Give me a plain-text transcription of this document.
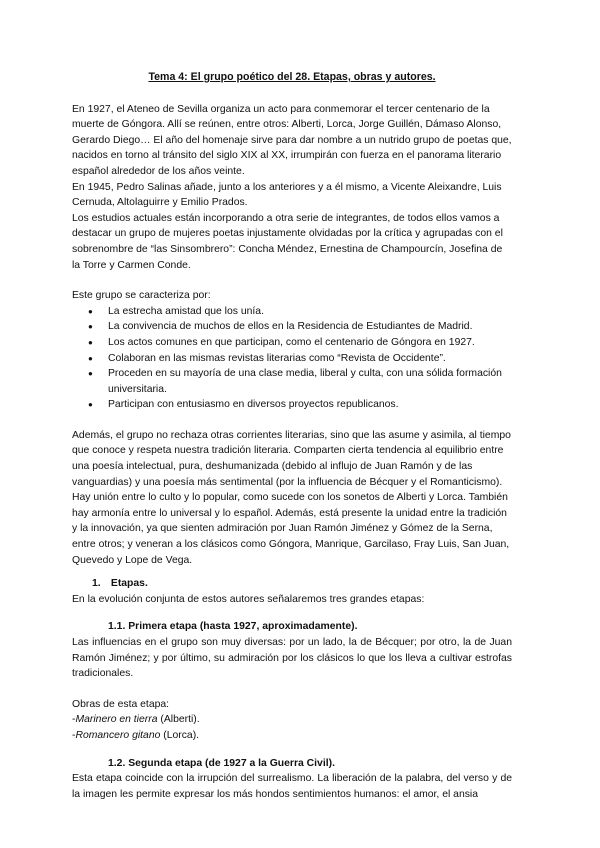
Tema 4: El grupo poético del 28. Etapas, obras y autores.

En 1927, el Ateneo de Sevilla organiza un acto para conmemorar el tercer centenario de la muerte de Góngora. Allí se reúnen, entre otros: Alberti, Lorca, Jorge Guillén, Dámaso Alonso, Gerardo Diego… El año del homenaje sirve para dar nombre a un nutrido grupo de poetas que, nacidos en torno al tránsito del siglo XIX al XX, irrumpirán con fuerza en el panorama literario español alrededor de los años veinte.

En 1945, Pedro Salinas añade, junto a los anteriores y a él mismo, a Vicente Aleixandre, Luis Cernuda, Altolaguirre y Emilio Prados.

Los estudios actuales están incorporando a otra serie de integrantes, de todos ellos vamos a destacar un grupo de mujeres poetas injustamente olvidadas por la crítica y agrupadas con el sobrenombre de “las Sinsombrero”: Concha Méndez, Ernestina de Champourcín, Josefina de la Torre y Carmen Conde.

Este grupo se caracteriza por:

● La estrecha amistad que los unía.
● La convivencia de muchos de ellos en la Residencia de Estudiantes de Madrid.
● Los actos comunes en que participan, como el centenario de Góngora en 1927.
● Colaboran en las mismas revistas literarias como “Revista de Occidente”.
● Proceden en su mayoría de una clase media, liberal y culta, con una sólida formación universitaria.
● Participan con entusiasmo en diversos proyectos republicanos.

Además, el grupo no rechaza otras corrientes literarias, sino que las asume y asimila, al tiempo que conoce y respeta nuestra tradición literaria. Comparten cierta tendencia al equilibrio entre una poesía intelectual, pura, deshumanizada (debido al influjo de Juan Ramón y de las vanguardias) y una poesía más sentimental (por la influencia de Bécquer y el Romanticismo). Hay unión entre lo culto y lo popular, como sucede con los sonetos de Alberti y Lorca. También hay armonía entre lo universal y lo español. Además, está presente la unidad entre la tradición y la innovación, ya que sienten admiración por Juan Ramón Jiménez y Gómez de la Serna, entre otros; y veneran a los clásicos como Góngora, Manrique, Garcilaso, Fray Luis, San Juan, Quevedo y Lope de Vega.

1. Etapas.

En la evolución conjunta de estos autores señalaremos tres grandes etapas:

1.1. Primera etapa (hasta 1927, aproximadamente).

Las influencias en el grupo son muy diversas: por un lado, la de Bécquer; por otro, la de Juan Ramón Jiménez; y por último, su admiración por los clásicos lo que los lleva a cultivar estrofas tradicionales.

Obras de esta etapa:

-Marinero en tierra (Alberti).

-Romancero gitano (Lorca).

1.2. Segunda etapa (de 1927 a la Guerra Civil).

Esta etapa coincide con la irrupción del surrealismo. La liberación de la palabra, del verso y de la imagen les permite expresar los más hondos sentimientos humanos: el amor, el ansia
